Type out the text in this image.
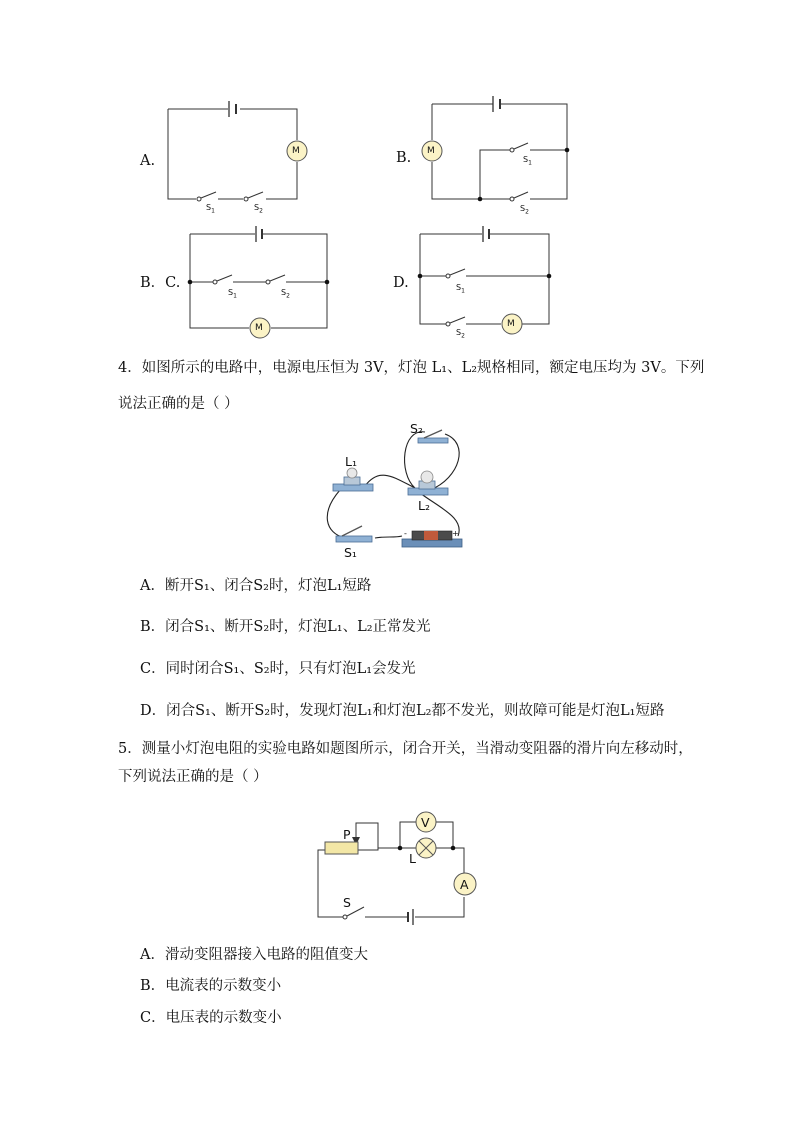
A.	B.
B．C.	D.
M	M
M	M
$S_1$	$S_2$
$S_1$
$S_2$
$S_1$	$S_2$
$S_1$
$S_2$
4．如图所示的电路中，电源电压恒为 3V，灯泡 L₁、L₂规格相同，额定电压均为 3V。下列
说法正确的是（ ）
L₁
L₂
S₂
S₁
-	+
A．断开S₁、闭合S₂时，灯泡L₁短路
B．闭合S₁、断开S₂时，灯泡L₁、L₂正常发光
C．同时闭合S₁、S₂时，只有灯泡L₁会发光
D．闭合S₁、断开S₂时，发现灯泡L₁和灯泡L₂都不发光，则故障可能是灯泡L₁短路
5．测量小灯泡电阻的实验电路如题图所示，闭合开关，当滑动变阻器的滑片向左移动时，
下列说法正确的是（ ）
P
V
L
A
S
A．滑动变阻器接入电路的阻值变大
B．电流表的示数变小
C．电压表的示数变小
